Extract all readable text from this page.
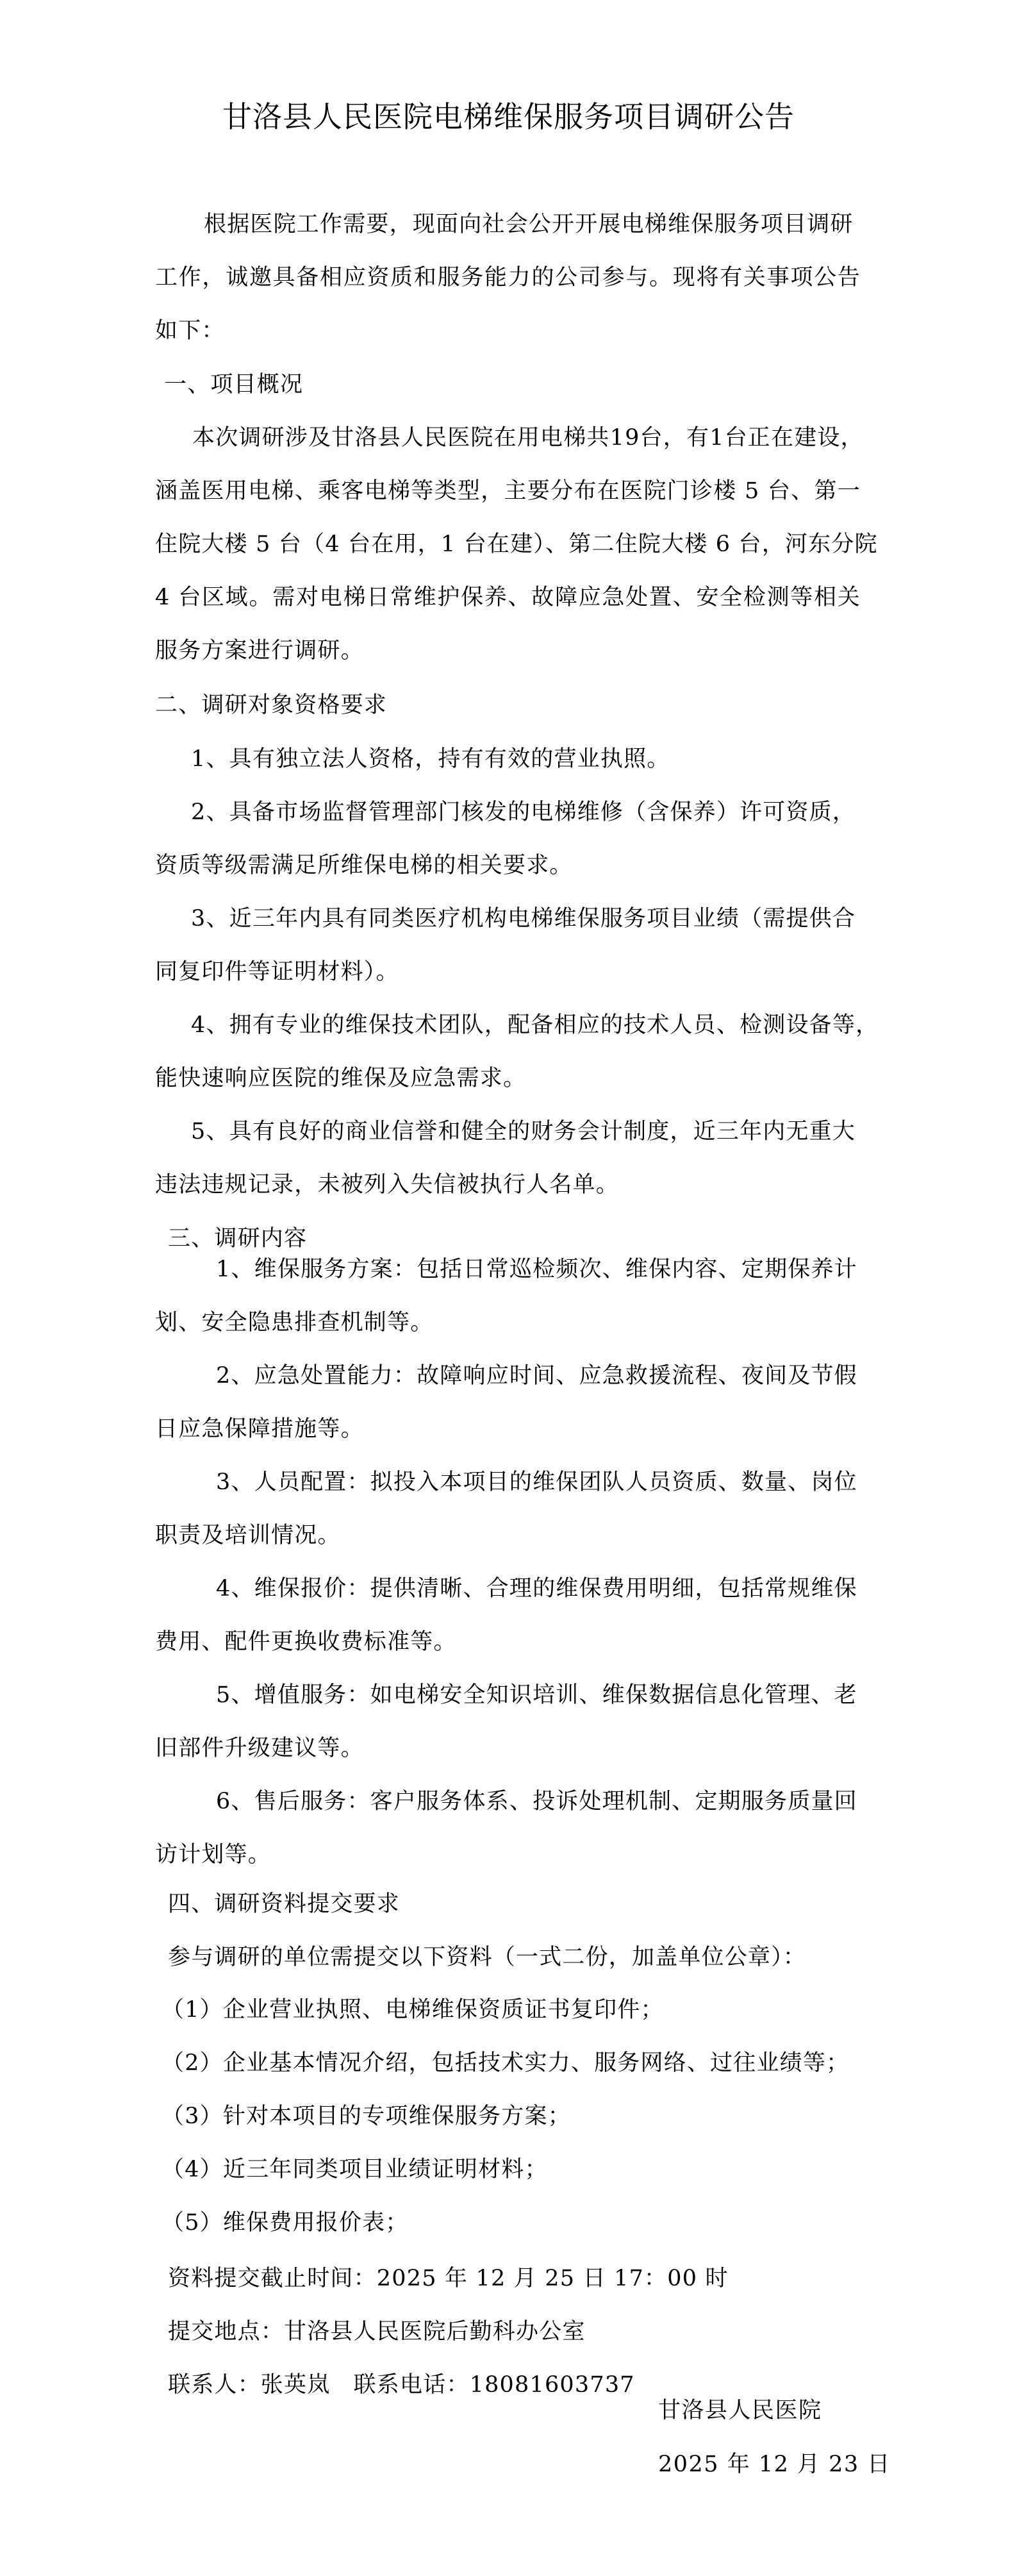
甘洛县人民医院电梯维保服务项目调研公告
根据医院工作需要，现面向社会公开开展电梯维保服务项目调研
工作，诚邀具备相应资质和服务能力的公司参与。现将有关事项公告
如下：
一、项目概况
本次调研涉及甘洛县人民医院在用电梯共19台，有1台正在建设，
涵盖医用电梯、乘客电梯等类型，主要分布在医院门诊楼 5 台、第一
住院大楼 5 台（4 台在用，1 台在建）、第二住院大楼 6 台，河东分院
4 台区域。需对电梯日常维护保养、故障应急处置、安全检测等相关
服务方案进行调研。
二、调研对象资格要求
1、具有独立法人资格，持有有效的营业执照。
2、具备市场监督管理部门核发的电梯维修（含保养）许可资质，
资质等级需满足所维保电梯的相关要求。
3、近三年内具有同类医疗机构电梯维保服务项目业绩（需提供合
同复印件等证明材料）。
4、拥有专业的维保技术团队，配备相应的技术人员、检测设备等，
能快速响应医院的维保及应急需求。
5、具有良好的商业信誉和健全的财务会计制度，近三年内无重大
违法违规记录，未被列入失信被执行人名单。
三、调研内容
1、维保服务方案：包括日常巡检频次、维保内容、定期保养计
划、安全隐患排查机制等。
2、应急处置能力：故障响应时间、应急救援流程、夜间及节假
日应急保障措施等。
3、人员配置：拟投入本项目的维保团队人员资质、数量、岗位
职责及培训情况。
4、维保报价：提供清晰、合理的维保费用明细，包括常规维保
费用、配件更换收费标准等。
5、增值服务：如电梯安全知识培训、维保数据信息化管理、老
旧部件升级建议等。
6、售后服务：客户服务体系、投诉处理机制、定期服务质量回
访计划等。
四、调研资料提交要求
参与调研的单位需提交以下资料（一式二份，加盖单位公章）：
（1）企业营业执照、电梯维保资质证书复印件；
（2）企业基本情况介绍，包括技术实力、服务网络、过往业绩等；
（3）针对本项目的专项维保服务方案；
（4）近三年同类项目业绩证明材料；
（5）维保费用报价表；
资料提交截止时间：2025 年 12 月 25 日 17：00 时
提交地点：甘洛县人民医院后勤科办公室
联系人：张英岚　联系电话：18081603737
甘洛县人民医院
2025 年 12 月 23 日
